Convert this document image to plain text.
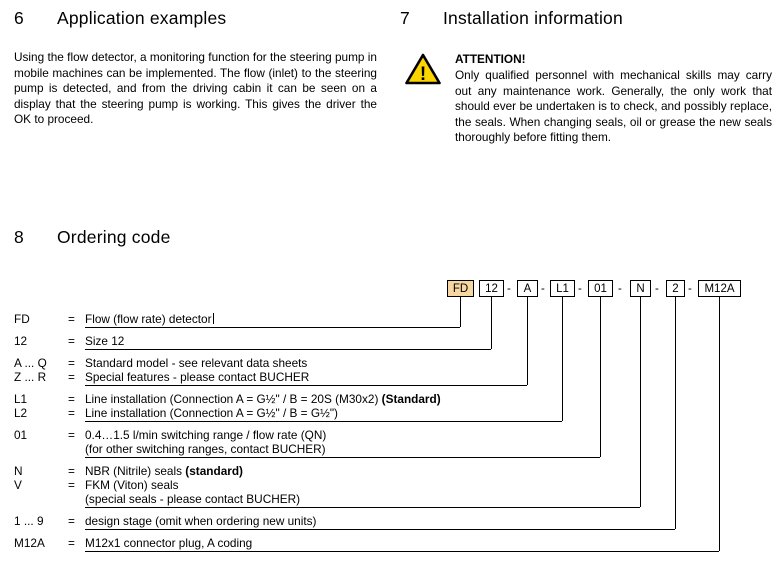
6	Application examples
Using the flow detector, a monitoring function for the steering pump in mobile machines can be implemented. The flow (inlet) to the steering pump is detected, and from the driving cabin it can be seen on a display that the steering pump is working. This gives the driver the OK to proceed.
7	Installation information
!
ATTENTION!
Only qualified personnel with mechanical skills may carry out any maintenance work. Generally, the only work that should ever be undertaken is to check, and possibly replace, the seals. When changing seals, oil or grease the new seals thoroughly before fitting them.
8	Ordering code
FD	12 -	A - L1 -	01 -	N -	2 -	M12A
FD	= Flow (flow rate) detector
12	= Size 12
A ... Q	= Standard model - see relevant data sheets
Z ... R	= Special features - please contact BUCHER
L1	= Line installation (Connection A = G½" / B = 20S (M30x2) (Standard)
L2	= Line installation (Connection A = G½" / B = G½")
01	= 0.4…1.5 l/min switching range / flow rate (QN)
(for other switching ranges, contact BUCHER)
N	= NBR (Nitrile) seals (standard)
V	= FKM (Viton) seals
(special seals - please contact BUCHER)
1 ... 9	= design stage (omit when ordering new units)
M12A	= M12x1 connector plug, A coding
